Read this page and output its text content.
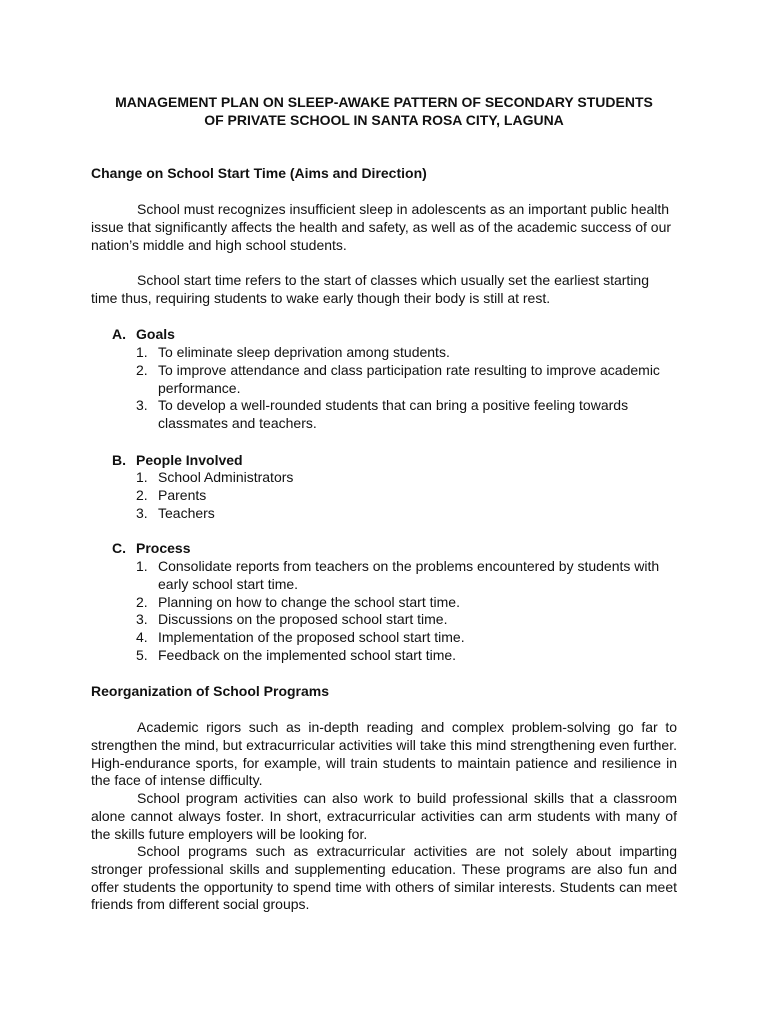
MANAGEMENT PLAN ON SLEEP-AWAKE PATTERN OF SECONDARY STUDENTS
OF PRIVATE SCHOOL IN SANTA ROSA CITY, LAGUNA
Change on School Start Time (Aims and Direction)

School must recognizes insufficient sleep in adolescents as an important public health issue that significantly affects the health and safety, as well as of the academic success of our nation’s middle and high school students.

School start time refers to the start of classes which usually set the earliest starting time thus, requiring students to wake early though their body is still at rest.

A. Goals
1. To eliminate sleep deprivation among students.
2. To improve attendance and class participation rate resulting to improve academic performance.
3. To develop a well-rounded students that can bring a positive feeling towards classmates and teachers.
B. People Involved
1. School Administrators
2. Parents
3. Teachers
C. Process
1. Consolidate reports from teachers on the problems encountered by students with early school start time.
2. Planning on how to change the school start time.
3. Discussions on the proposed school start time.
4. Implementation of the proposed school start time.
5. Feedback on the implemented school start time.
Reorganization of School Programs

Academic rigors such as in-depth reading and complex problem-solving go far to strengthen the mind, but extracurricular activities will take this mind strengthening even further. High-endurance sports, for example, will train students to maintain patience and resilience in the face of intense difficulty.

School program activities can also work to build professional skills that a classroom alone cannot always foster. In short, extracurricular activities can arm students with many of the skills future employers will be looking for.

School programs such as extracurricular activities are not solely about imparting stronger professional skills and supplementing education. These programs are also fun and offer students the opportunity to spend time with others of similar interests. Students can meet friends from different social groups.
